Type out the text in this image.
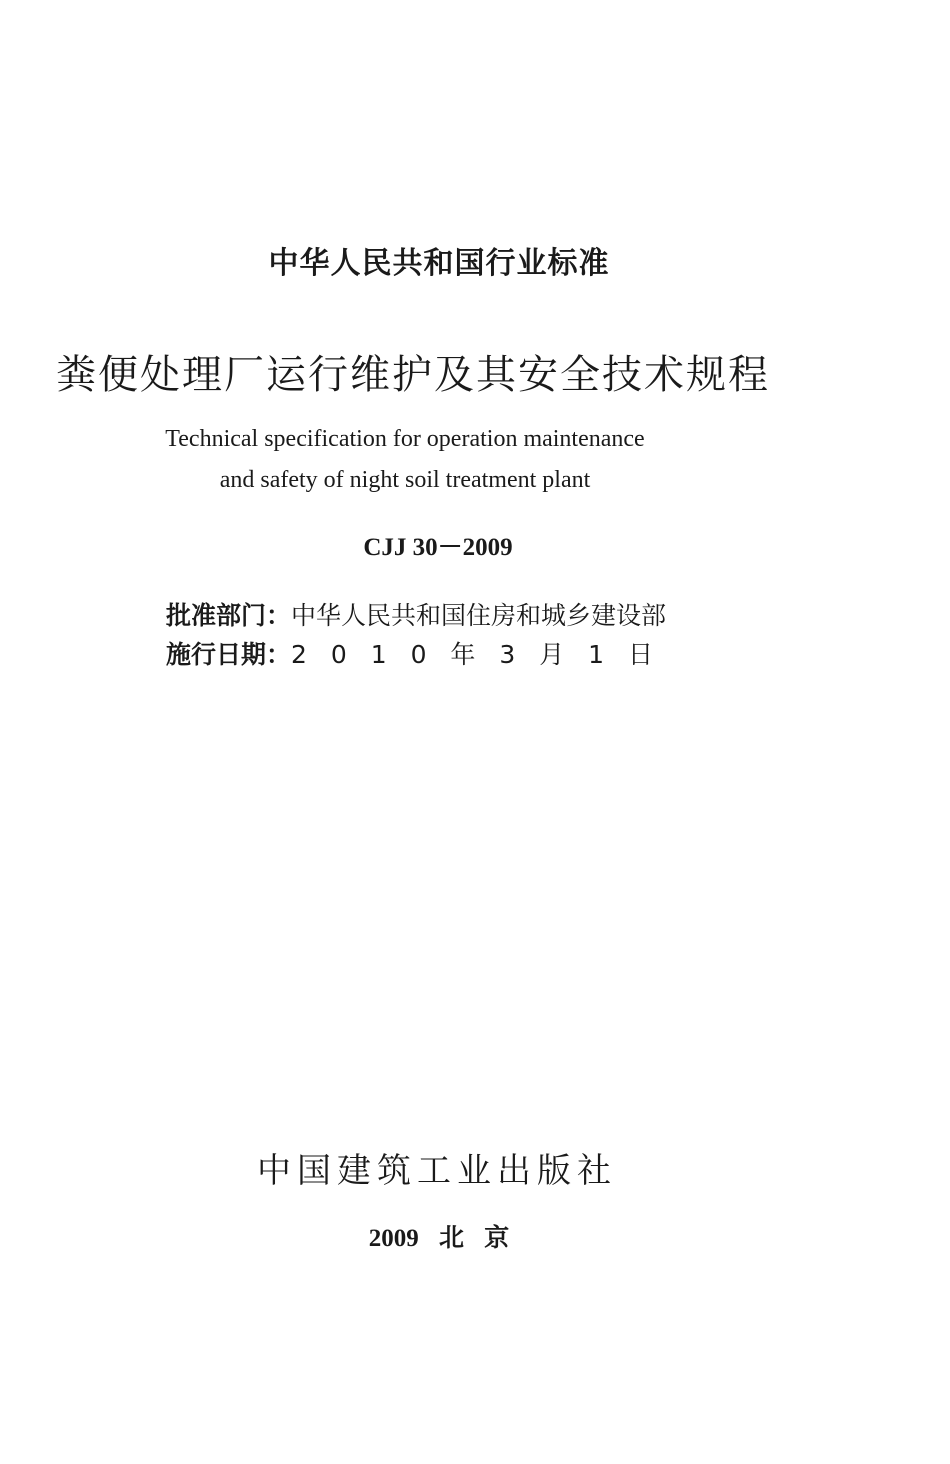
中华人民共和国行业标准
粪便处理厂运行维护及其安全技术规程
Technical specification for operation maintenance
and safety of night soil treatment plant
CJJ 30－2009
批准部门：中华人民共和国住房和城乡建设部
施行日期：2 0 1 0 年 3 月 1 日
中国建筑工业出版社
2009 北 京
